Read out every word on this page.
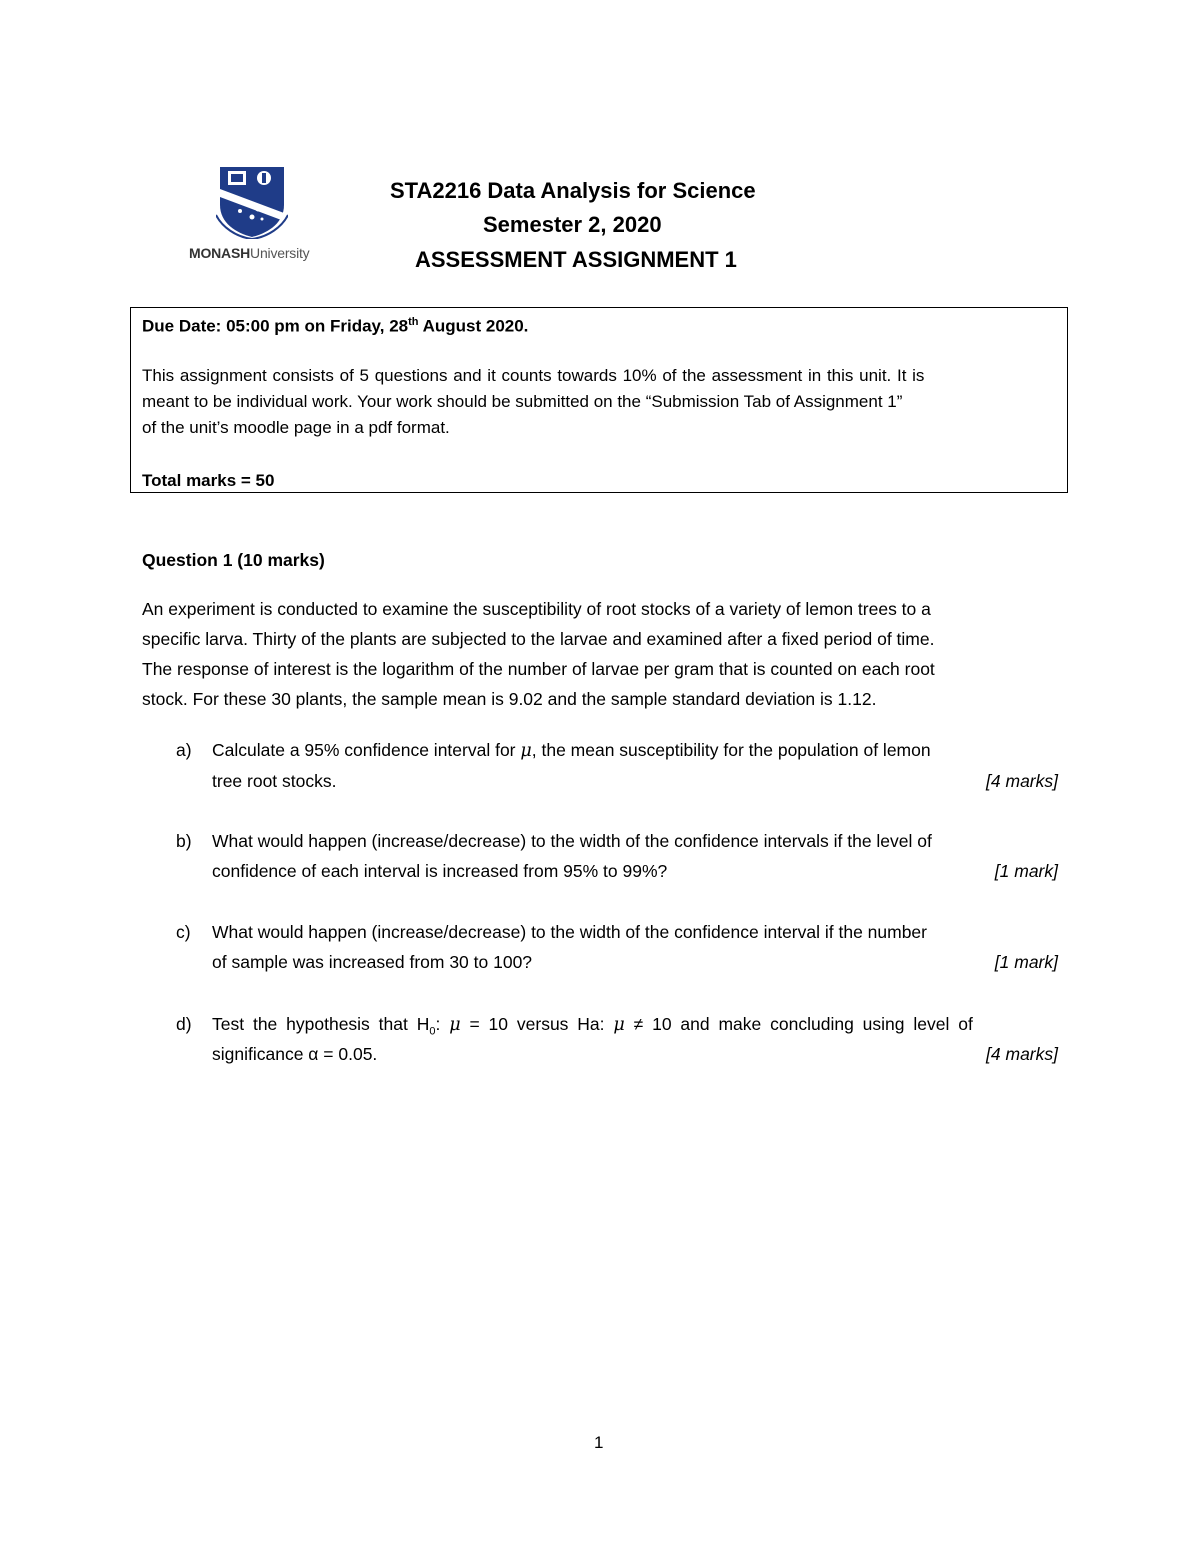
MONASHUniversity
STA2216 Data Analysis for Science
Semester 2, 2020
ASSESSMENT ASSIGNMENT 1
Due Date: 05:00 pm on Friday, 28th August 2020.
This assignment consists of 5 questions and it counts towards 10% of the assessment in this unit. It is
meant to be individual work. Your work should be submitted on the “Submission Tab of Assignment 1”
of the unit’s moodle page in a pdf format.
Total marks = 50
Question 1 (10 marks)
An experiment is conducted to examine the susceptibility of root stocks of a variety of lemon trees to a
specific larva. Thirty of the plants are subjected to the larvae and examined after a fixed period of time.
The response of interest is the logarithm of the number of larvae per gram that is counted on each root
stock. For these 30 plants, the sample mean is 9.02 and the sample standard deviation is 1.12.
a) Calculate a 95% confidence interval for μ, the mean susceptibility for the population of lemon
tree root stocks.	[4 marks]
b) What would happen (increase/decrease) to the width of the confidence intervals if the level of
confidence of each interval is increased from 95% to 99%?	[1 mark]
c) What would happen (increase/decrease) to the width of the confidence interval if the number
of sample was increased from 30 to 100?	[1 mark]
d) Test the hypothesis that $H_0$: μ = 10 versus Ha: μ ≠ 10 and make concluding using level of
significance α = 0.05.	[4 marks]
1
